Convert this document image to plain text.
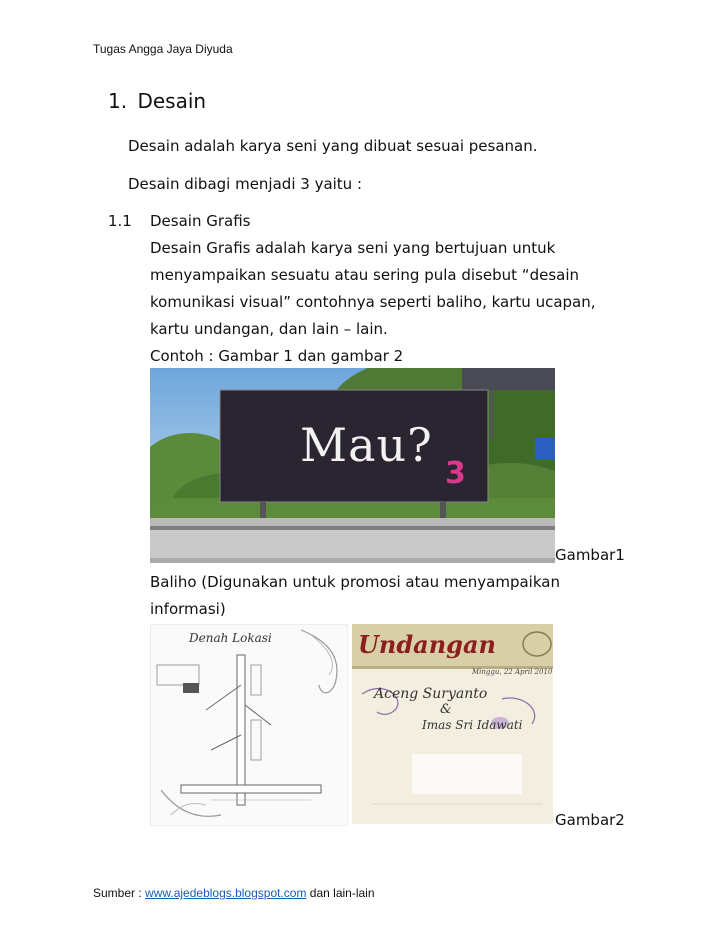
Tugas Angga Jaya Diyuda
1. Desain
Desain adalah karya seni yang dibuat sesuai pesanan.
Desain dibagi menjadi 3 yaitu :
1.1 Desain Grafis
Desain Grafis adalah karya seni yang bertujuan untuk
menyampaikan sesuatu atau sering pula disebut “desain
komunikasi visual” contohnya seperti baliho, kartu ucapan,
kartu undangan, dan lain – lain.
Contoh : Gambar 1 dan gambar 2
Mau?
3
Gambar1
Baliho (Digunakan untuk promosi atau menyampaikan
informasi)
Denah Lokasi	Undangan
Minggu, 22 April 2010
Aceng Suryanto
&
Imas Sri Idawati
Gambar2
Sumber : www.ajedeblogs.blogspot.com dan lain-lain
